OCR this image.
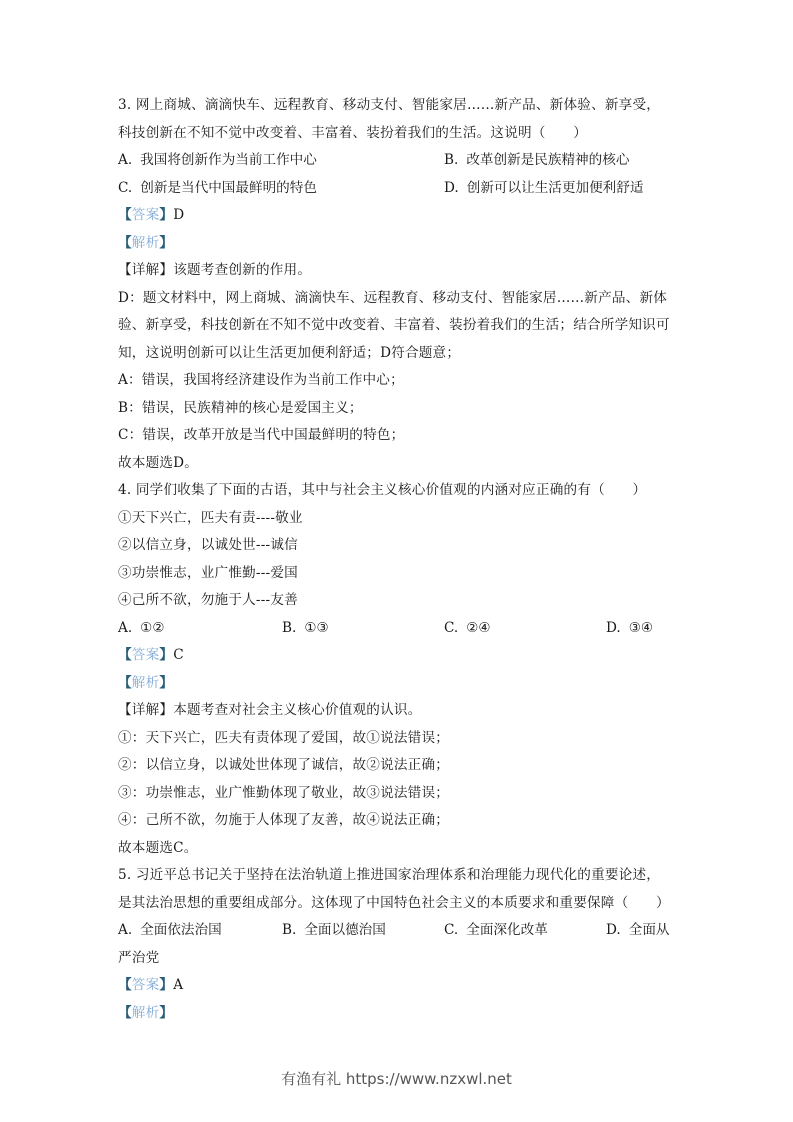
3. 网上商城、滴滴快车、远程教育、移动支付、智能家居……新产品、新体验、新享受，
科技创新在不知不觉中改变着、丰富着、装扮着我们的生活。这说明（　　）
A. 我国将创新作为当前工作中心	B. 改革创新是民族精神的核心
C. 创新是当代中国最鲜明的特色	D. 创新可以让生活更加便利舒适
【答案】D
【解析】
【详解】该题考查创新的作用。
D：题文材料中，网上商城、滴滴快车、远程教育、移动支付、智能家居……新产品、新体
验、新享受，科技创新在不知不觉中改变着、丰富着、装扮着我们的生活；结合所学知识可
知，这说明创新可以让生活更加便利舒适；D符合题意；
A：错误，我国将经济建设作为当前工作中心；
B：错误，民族精神的核心是爱国主义；
C：错误，改革开放是当代中国最鲜明的特色；
故本题选D。
4. 同学们收集了下面的古语，其中与社会主义核心价值观的内涵对应正确的有（　　）
①天下兴亡，匹夫有责----敬业
②以信立身，以诚处世---诚信
③功崇惟志，业广惟勤---爱国
④己所不欲，勿施于人---友善
A. ①②	B. ①③	C. ②④	D. ③④
【答案】C
【解析】
【详解】本题考查对社会主义核心价值观的认识。
①：天下兴亡，匹夫有责体现了爱国，故①说法错误；
②：以信立身，以诚处世体现了诚信，故②说法正确；
③：功崇惟志，业广惟勤体现了敬业，故③说法错误；
④：己所不欲，勿施于人体现了友善，故④说法正确；
故本题选C。
5. 习近平总书记关于坚持在法治轨道上推进国家治理体系和治理能力现代化的重要论述，
是其法治思想的重要组成部分。这体现了中国特色社会主义的本质要求和重要保障（　　）
A. 全面依法治国	B. 全面以德治国	C. 全面深化改革	D. 全面从
严治党
【答案】A
【解析】
有渔有礼 https://www.nzxwl.net
